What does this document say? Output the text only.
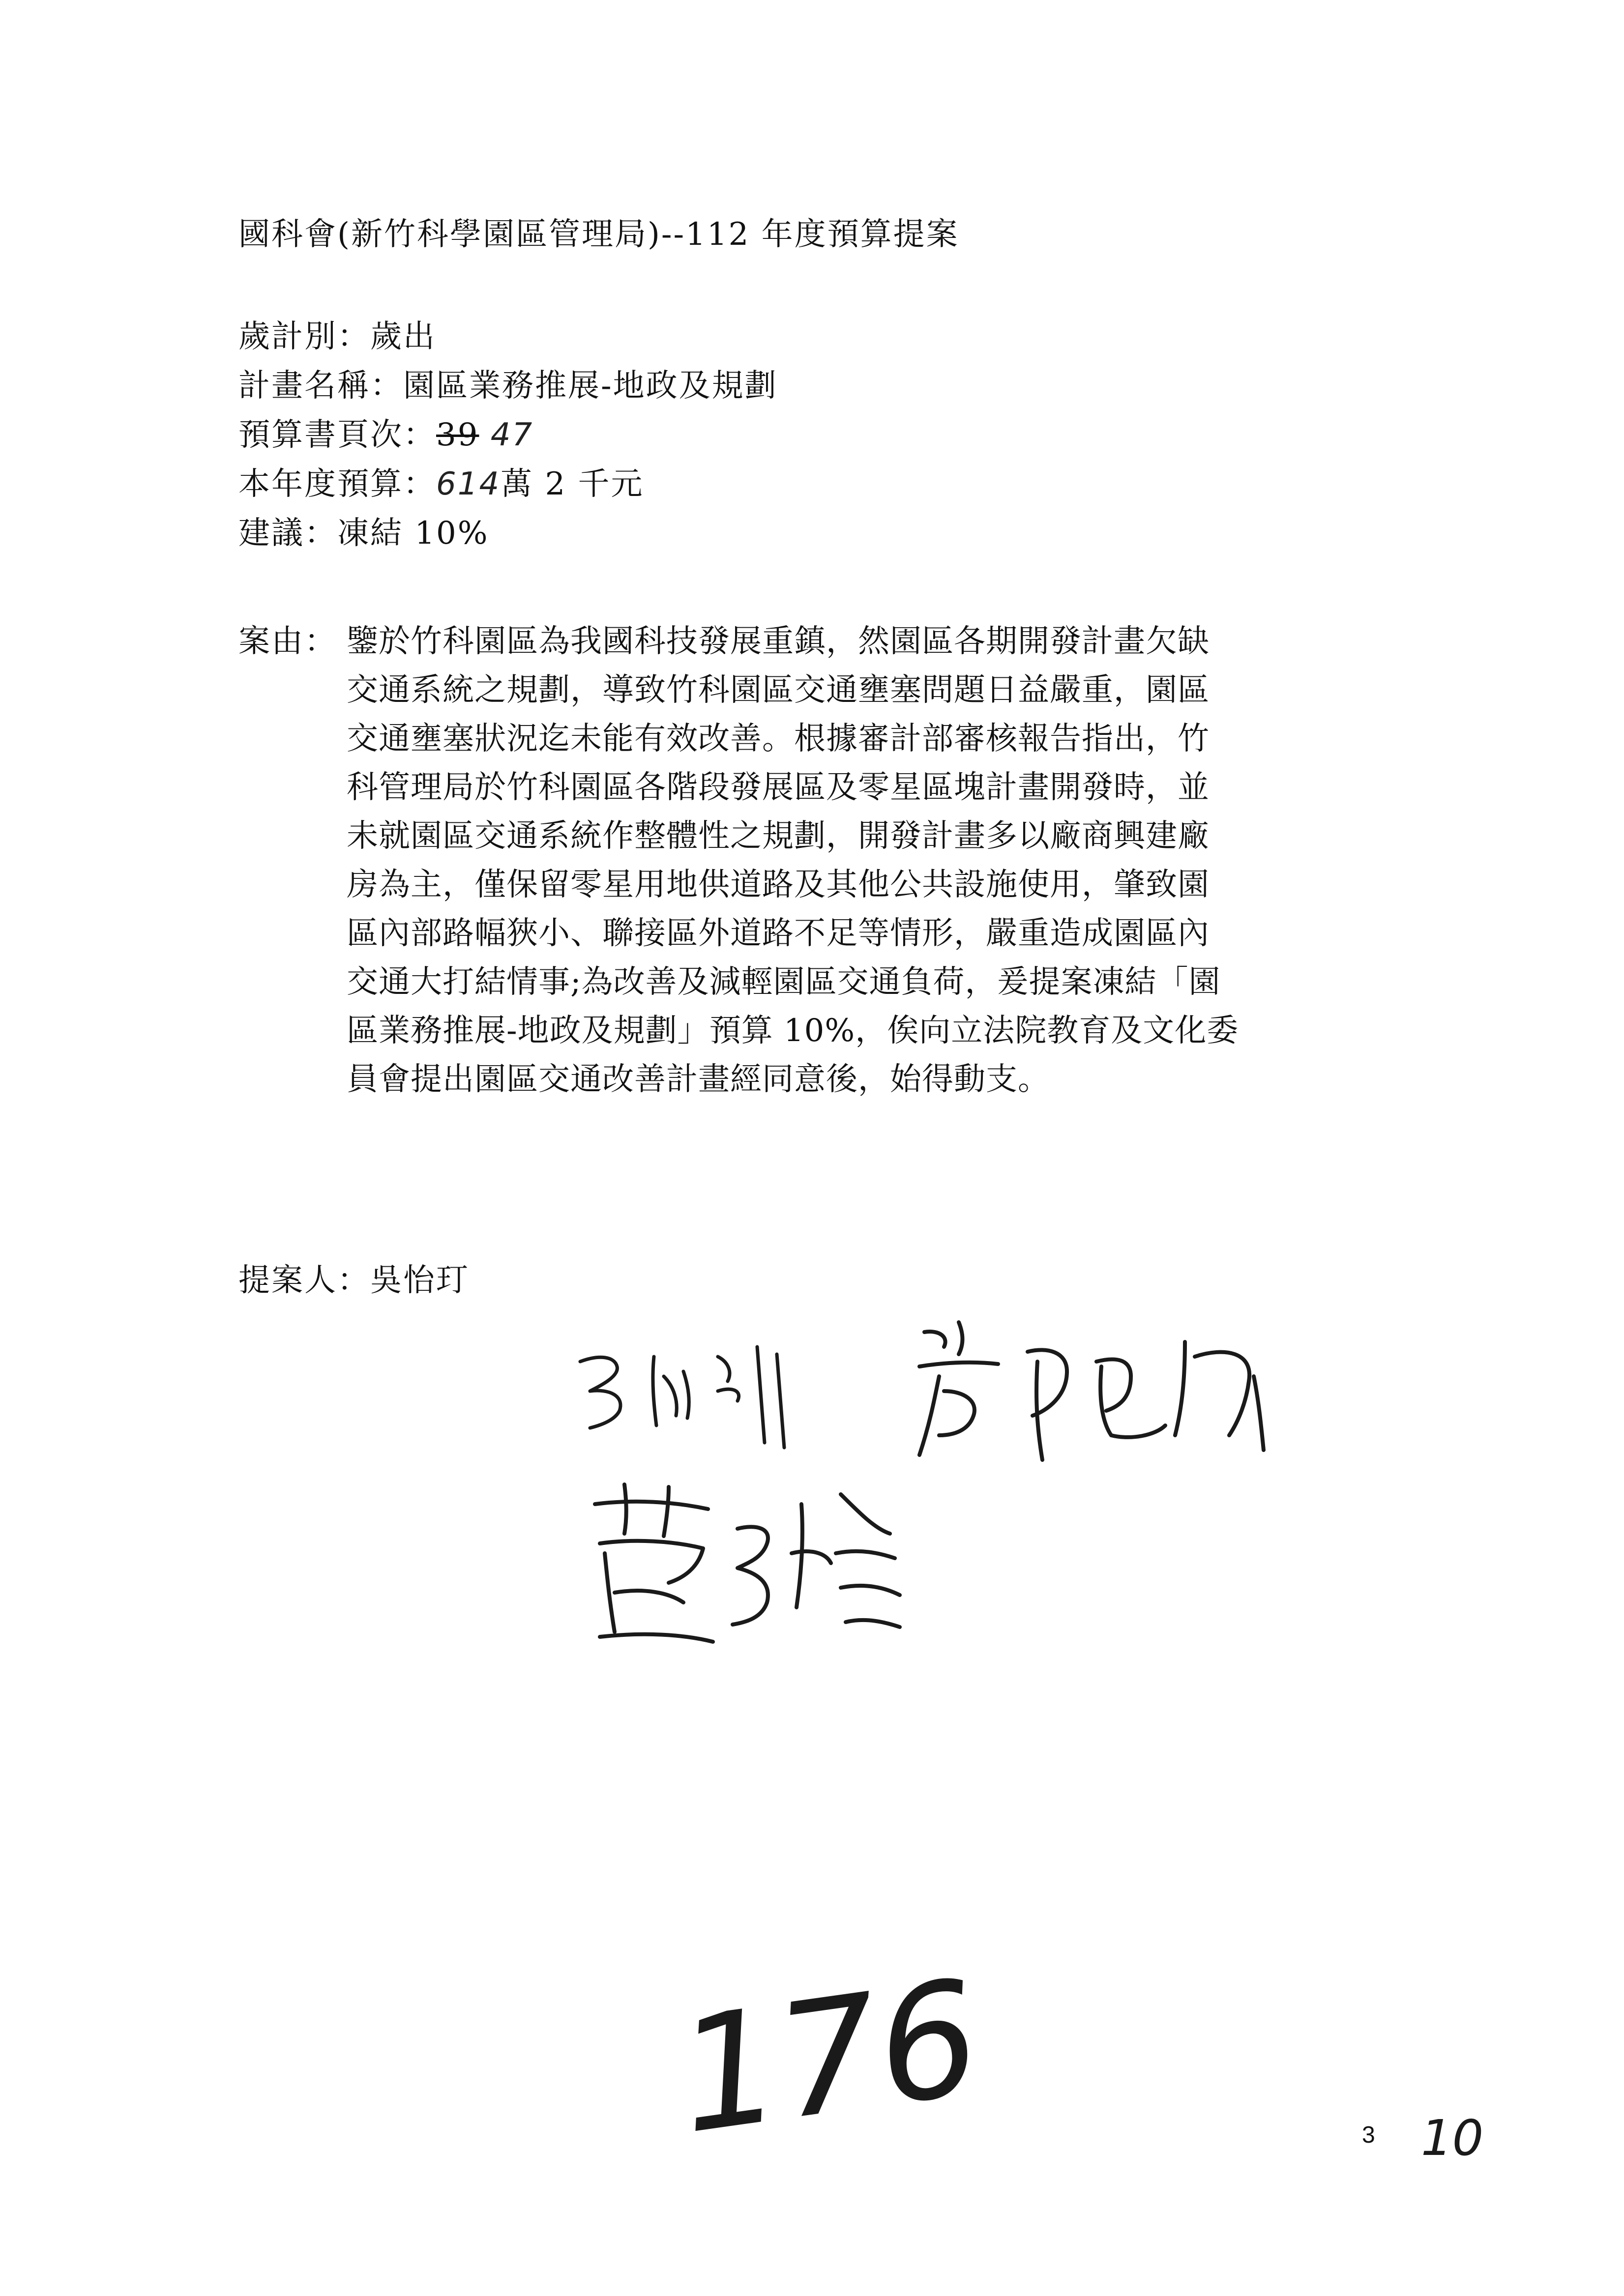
國科會(新竹科學園區管理局)--112 年度預算提案
歲計別：歲出
計畫名稱：園區業務推展-地政及規劃
預算書頁次：39 47
本年度預算：614萬 2 千元
建議：凍結 10%
案由： 鑒於竹科園區為我國科技發展重鎮，然園區各期開發計畫欠缺
交通系統之規劃，導致竹科園區交通壅塞問題日益嚴重，園區
交通壅塞狀況迄未能有效改善。根據審計部審核報告指出，竹
科管理局於竹科園區各階段發展區及零星區塊計畫開發時，並
未就園區交通系統作整體性之規劃，開發計畫多以廠商興建廠
房為主，僅保留零星用地供道路及其他公共設施使用，肇致園
區內部路幅狹小、聯接區外道路不足等情形，嚴重造成園區內
交通大打結情事;為改善及減輕園區交通負荷，爰提案凍結「園
區業務推展-地政及規劃」預算 10%，俟向立法院教育及文化委
員會提出園區交通改善計畫經同意後，始得動支。
提案人：吳怡玎
176	3 10
